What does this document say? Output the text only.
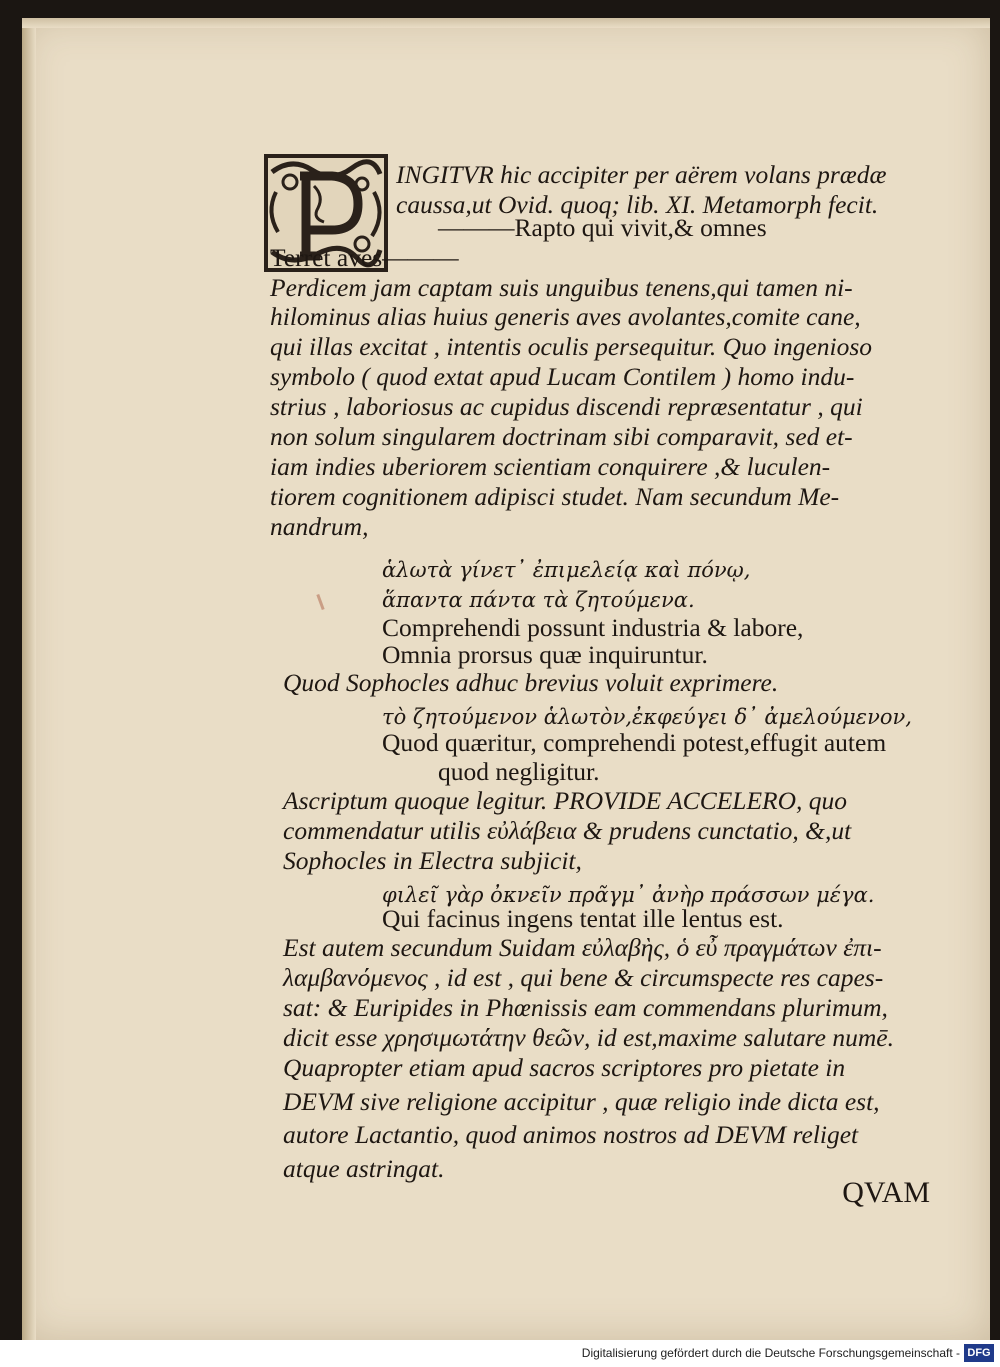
INGITVR hic accipiter per aërem volans prædæ
caussa,ut Ovid. quoq; lib. XI. Metamorph fecit.
———Rapto qui vivit,& omnes
Terret aves———
Perdicem jam captam suis unguibus tenens,qui tamen ni-
hilominus alias huius generis aves avolantes,comite cane,
qui illas excitat , intentis oculis persequitur. Quo ingenioso
symbolo ( quod extat apud Lucam Contilem ) homo indu-
strius , laboriosus ac cupidus discendi repræsentatur , qui
non solum singularem doctrinam sibi comparavit, sed et-
iam indies uberiorem scientiam conquirere ,& luculen-
tiorem cognitionem adipisci studet. Nam secundum Me-
nandrum,
ἁλωτὰ γίνετ᾽ ἐπιμελείᾳ καὶ πόνῳ,
ἅπαντα πάντα τὰ ζητούμενα.
Comprehendi possunt industria & labore,
Omnia prorsus quæ inquiruntur.
Quod Sophocles adhuc brevius voluit exprimere.
τὸ ζητούμενον ἁλωτὸν,ἐκφεύγει δ᾽ ἀμελούμενον,
Quod quæritur, comprehendi potest,effugit autem
quod negligitur.
Ascriptum quoque legitur. PROVIDE ACCELERO, quo
commendatur utilis εὐλάβεια & prudens cunctatio, &,ut
Sophocles in Electra subjicit,
φιλεῖ γὰρ ὀκνεῖν πρᾶγμ᾽ ἀνὴρ πράσσων μέγα.
Qui facinus ingens tentat ille lentus est.
Est autem secundum Suidam εὐλαβὴς, ὁ εὖ πραγμάτων ἐπι-
λαμβανόμενος , id est , qui bene & circumspecte res capes-
sat: & Euripides in Phœnissis eam commendans plurimum,
dicit esse χρησιμωτάτην θεῶν, id est,maxime salutare numē.
Quapropter etiam apud sacros scriptores pro pietate in
DEVM sive religione accipitur , quæ religio inde dicta est,
autore Lactantio, quod animos nostros ad DEVM religet
atque astringat.
QVAM
Digitalisierung gefördert durch die Deutsche Forschungsgemeinschaft - DFG
